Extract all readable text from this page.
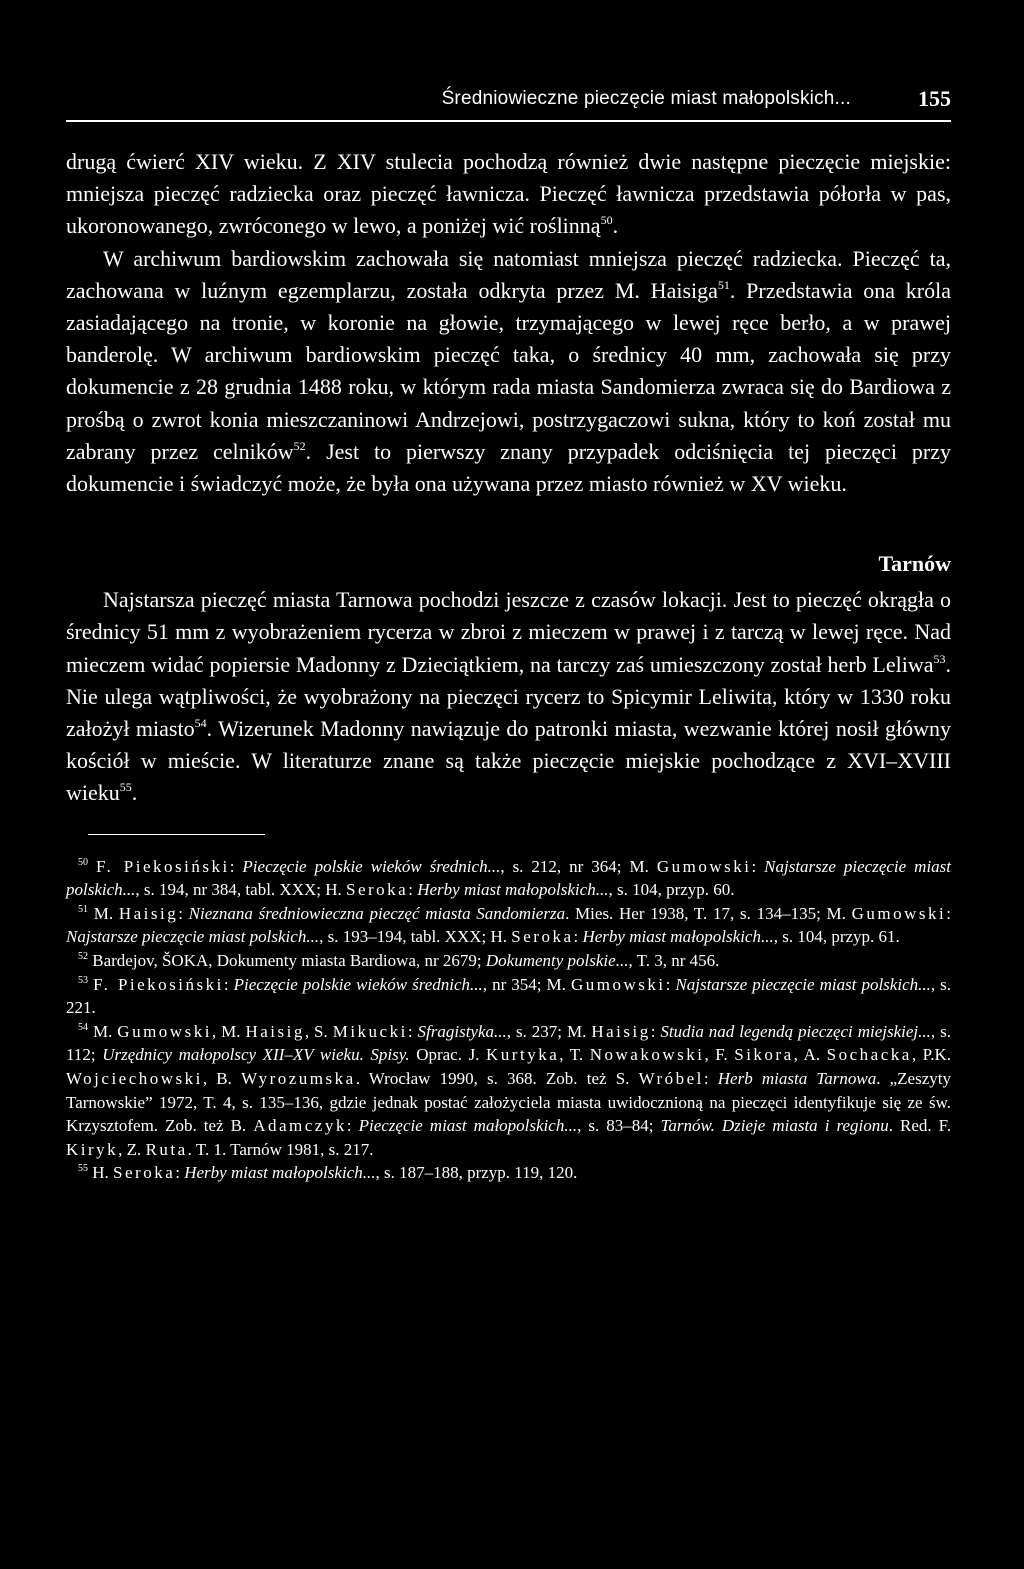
Średniowieczne pieczęcie miast małopolskich...	155

drugą ćwierć XIV wieku. Z XIV stulecia pochodzą również dwie następne pieczęcie miejskie: mniejsza pieczęć radziecka oraz pieczęć ławnicza. Pieczęć ławnicza przedstawia półorła w pas, ukoronowanego, zwróconego w lewo, a poniżej wić roślinną$^{50}$.

W archiwum bardiowskim zachowała się natomiast mniejsza pieczęć radziecka. Pieczęć ta, zachowana w luźnym egzemplarzu, została odkryta przez M. Haisiga$^{51}$. Przedstawia ona króla zasiadającego na tronie, w koronie na głowie, trzymającego w lewej ręce berło, a w prawej banderolę. W archiwum bardiowskim pieczęć taka, o średnicy 40 mm, zachowała się przy dokumencie z 28 grudnia 1488 roku, w którym rada miasta Sandomierza zwraca się do Bardiowa z prośbą o zwrot konia mieszczaninowi Andrzejowi, postrzygaczowi sukna, który to koń został mu zabrany przez celników$^{52}$. Jest to pierwszy znany przypadek odciśnięcia tej pieczęci przy dokumencie i świadczyć może, że była ona używana przez miasto również w XV wieku.

Tarnów

Najstarsza pieczęć miasta Tarnowa pochodzi jeszcze z czasów lokacji. Jest to pieczęć okrągła o średnicy 51 mm z wyobrażeniem rycerza w zbroi z mieczem w prawej i z tarczą w lewej ręce. Nad mieczem widać popiersie Madonny z Dzieciątkiem, na tarczy zaś umieszczony został herb Leliwa$^{53}$. Nie ulega wątpliwości, że wyobrażony na pieczęci rycerz to Spicymir Leliwita, który w 1330 roku założył miasto$^{54}$. Wizerunek Madonny nawiązuje do patronki miasta, wezwanie której nosił główny kościół w mieście. W literaturze znane są także pieczęcie miejskie pochodzące z XVI–XVIII wieku$^{55}$.

$^{50}$ F. Piekosiński: Pieczęcie polskie wieków średnich..., s. 212, nr 364; M. Gumowski: Najstarsze pieczęcie miast polskich..., s. 194, nr 384, tabl. XXX; H. Seroka: Herby miast małopolskich..., s. 104, przyp. 60.

$^{51}$ M. Haisig: Nieznana średniowieczna pieczęć miasta Sandomierza. Mies. Her 1938, T. 17, s. 134–135; M. Gumowski: Najstarsze pieczęcie miast polskich..., s. 193–194, tabl. XXX; H. Seroka: Herby miast małopolskich..., s. 104, przyp. 61.

$^{52}$ Bardejov, ŠOKA, Dokumenty miasta Bardiowa, nr 2679; Dokumenty polskie..., T. 3, nr 456.

$^{53}$ F. Piekosiński: Pieczęcie polskie wieków średnich..., nr 354; M. Gumowski: Najstarsze pieczęcie miast polskich..., s. 221.

$^{54}$ M. Gumowski, M. Haisig, S. Mikucki: Sfragistyka..., s. 237; M. Haisig: Studia nad legendą pieczęci miejskiej..., s. 112; Urzędnicy małopolscy XII–XV wieku. Spisy. Oprac. J. Kurtyka, T. Nowakowski, F. Sikora, A. Sochacka, P.K. Wojciechowski, B. Wyrozumska. Wrocław 1990, s. 368. Zob. też S. Wróbel: Herb miasta Tarnowa. „Zeszyty Tarnowskie” 1972, T. 4, s. 135–136, gdzie jednak postać założyciela miasta uwidocznioną na pieczęci identyfikuje się ze św. Krzysztofem. Zob. też B. Adamczyk: Pieczęcie miast małopolskich..., s. 83–84; Tarnów. Dzieje miasta i regionu. Red. F. Kiryk, Z. Ruta. T. 1. Tarnów 1981, s. 217.

$^{55}$ H. Seroka: Herby miast małopolskich..., s. 187–188, przyp. 119, 120.
